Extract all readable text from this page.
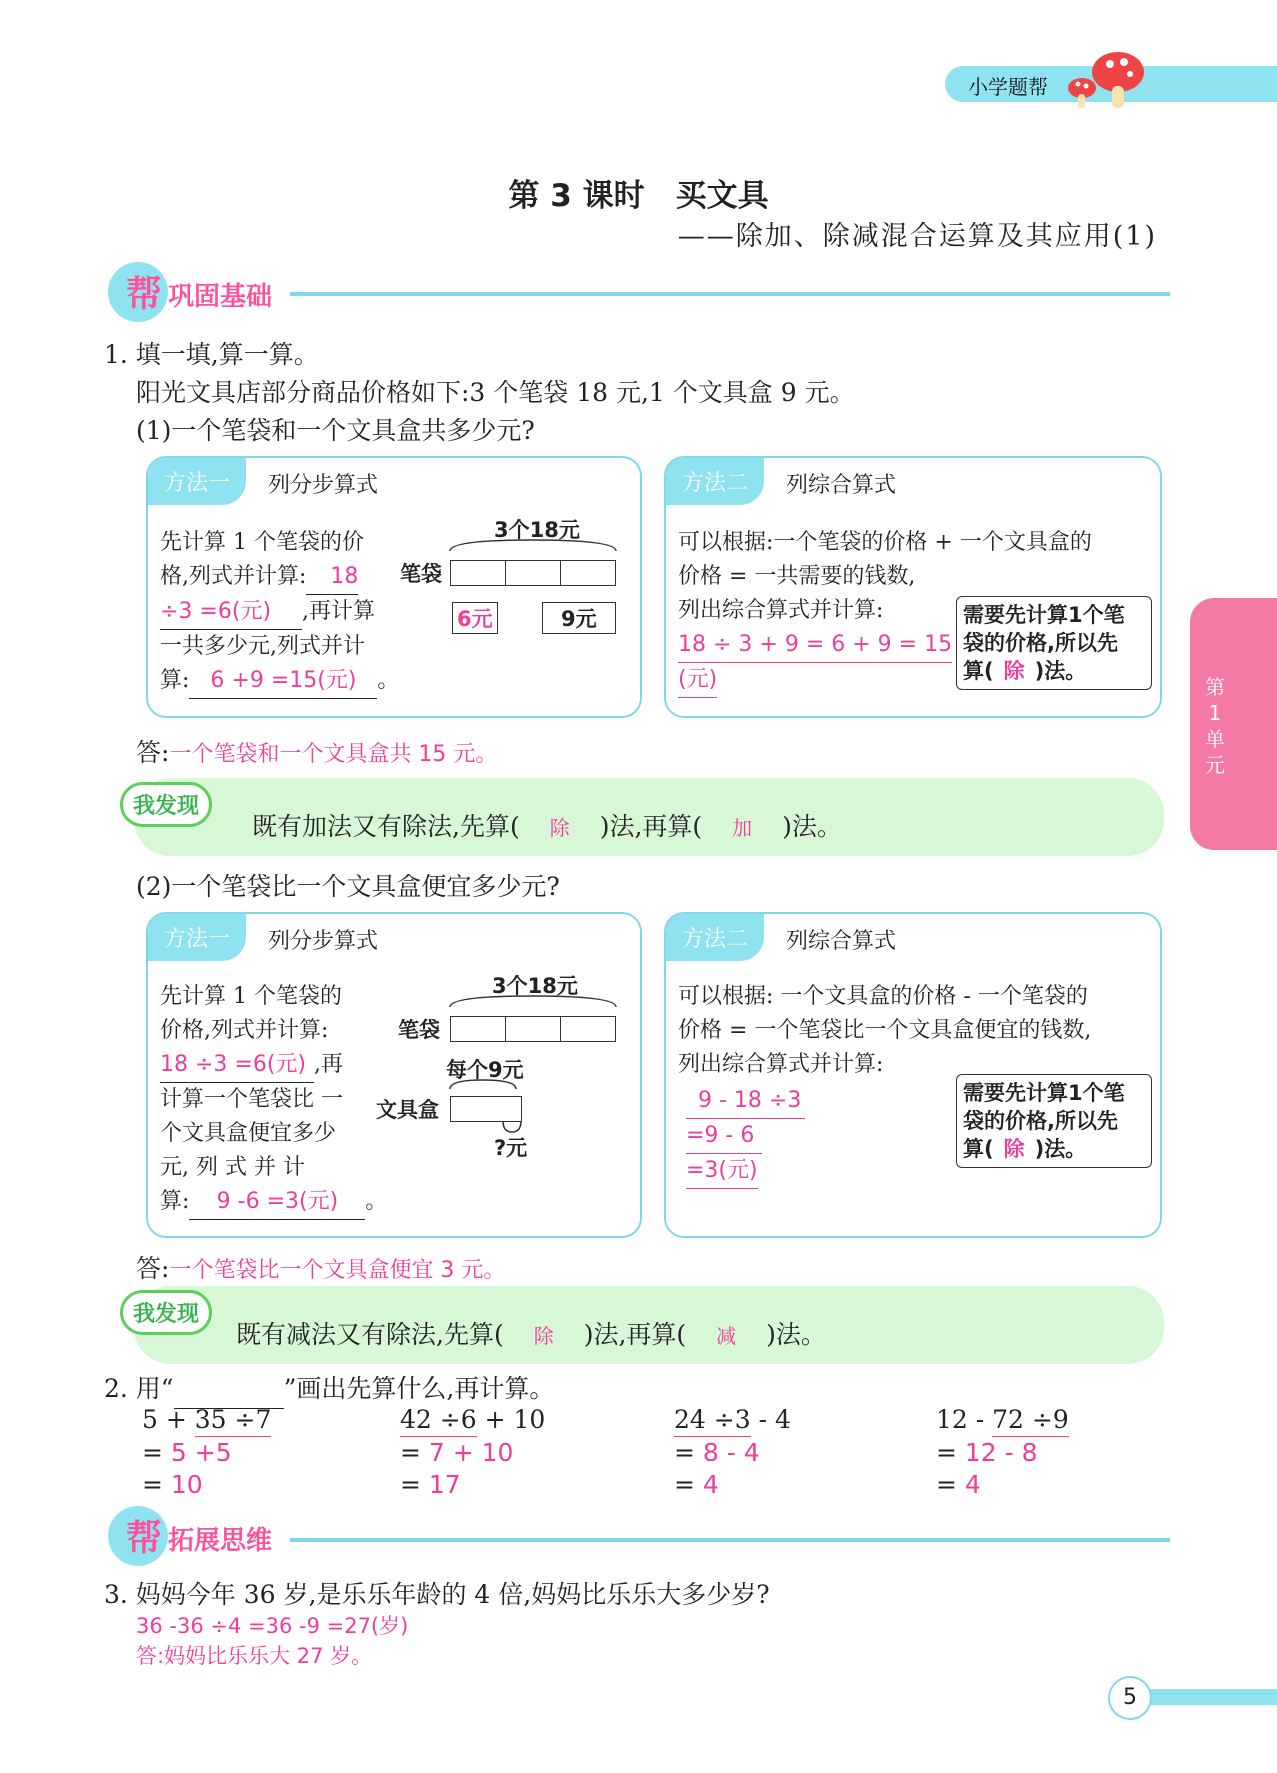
小学题帮
第1单元
第 3 课时　买文具
——除加、除减混合运算及其应用(1)
帮 巩固基础
1. 填一填,算一算。
阳光文具店部分商品价格如下:3 个笔袋 18 元,1 个文具盒 9 元。
(1)一个笔袋和一个文具盒共多少元?
方法一	列分步算式
先计算 1 个笔袋的价
格,列式并计算: 18
÷3 =6(元) ,再计算
一共多少元,列式并计
算: 6 +9 =15(元) 。
3个18元
笔袋
6元	9元
方法二	列综合算式
可以根据:一个笔袋的价格 + 一个文具盒的
价格 = 一共需要的钱数,
列出综合算式并计算:
18 ÷ 3 + 9 = 6 + 9 = 15
(元)
需要先计算1个笔
袋的价格,所以先
算( 除 )法。
答:一个笔袋和一个文具盒共 15 元。
我发现
既有加法又有除法,先算( 除 )法,再算( 加 )法。
(2)一个笔袋比一个文具盒便宜多少元?
方法一	列分步算式
先计算 1 个笔袋的
价格,列式并计算:
18 ÷3 =6(元) ,再
计算一个笔袋比 一
个文具盒便宜多少
元, 列 式 并 计
算: 9 -6 =3(元) 。
3个18元
笔袋
每个9元
文具盒
?元
方法二	列综合算式
可以根据: 一个文具盒的价格 - 一个笔袋的
价格 = 一个笔袋比一个文具盒便宜的钱数,
列出综合算式并计算:
9 - 18 ÷3
=9 - 6
=3(元)
需要先计算1个笔
袋的价格,所以先
算( 除 )法。
答:一个笔袋比一个文具盒便宜 3 元。
我发现
既有减法又有除法,先算( 除 )法,再算( 减 )法。
2. 用“	”画出先算什么,再计算。
5 + 35 ÷7
= 5 +5
= 10
42 ÷6 + 10
= 7 + 10
= 17
24 ÷3 - 4
= 8 - 4
= 4
12 - 72 ÷9
= 12 - 8
= 4
帮 拓展思维
3. 妈妈今年 36 岁,是乐乐年龄的 4 倍,妈妈比乐乐大多少岁?
36 -36 ÷4 =36 -9 =27(岁)
答:妈妈比乐乐大 27 岁。
5
